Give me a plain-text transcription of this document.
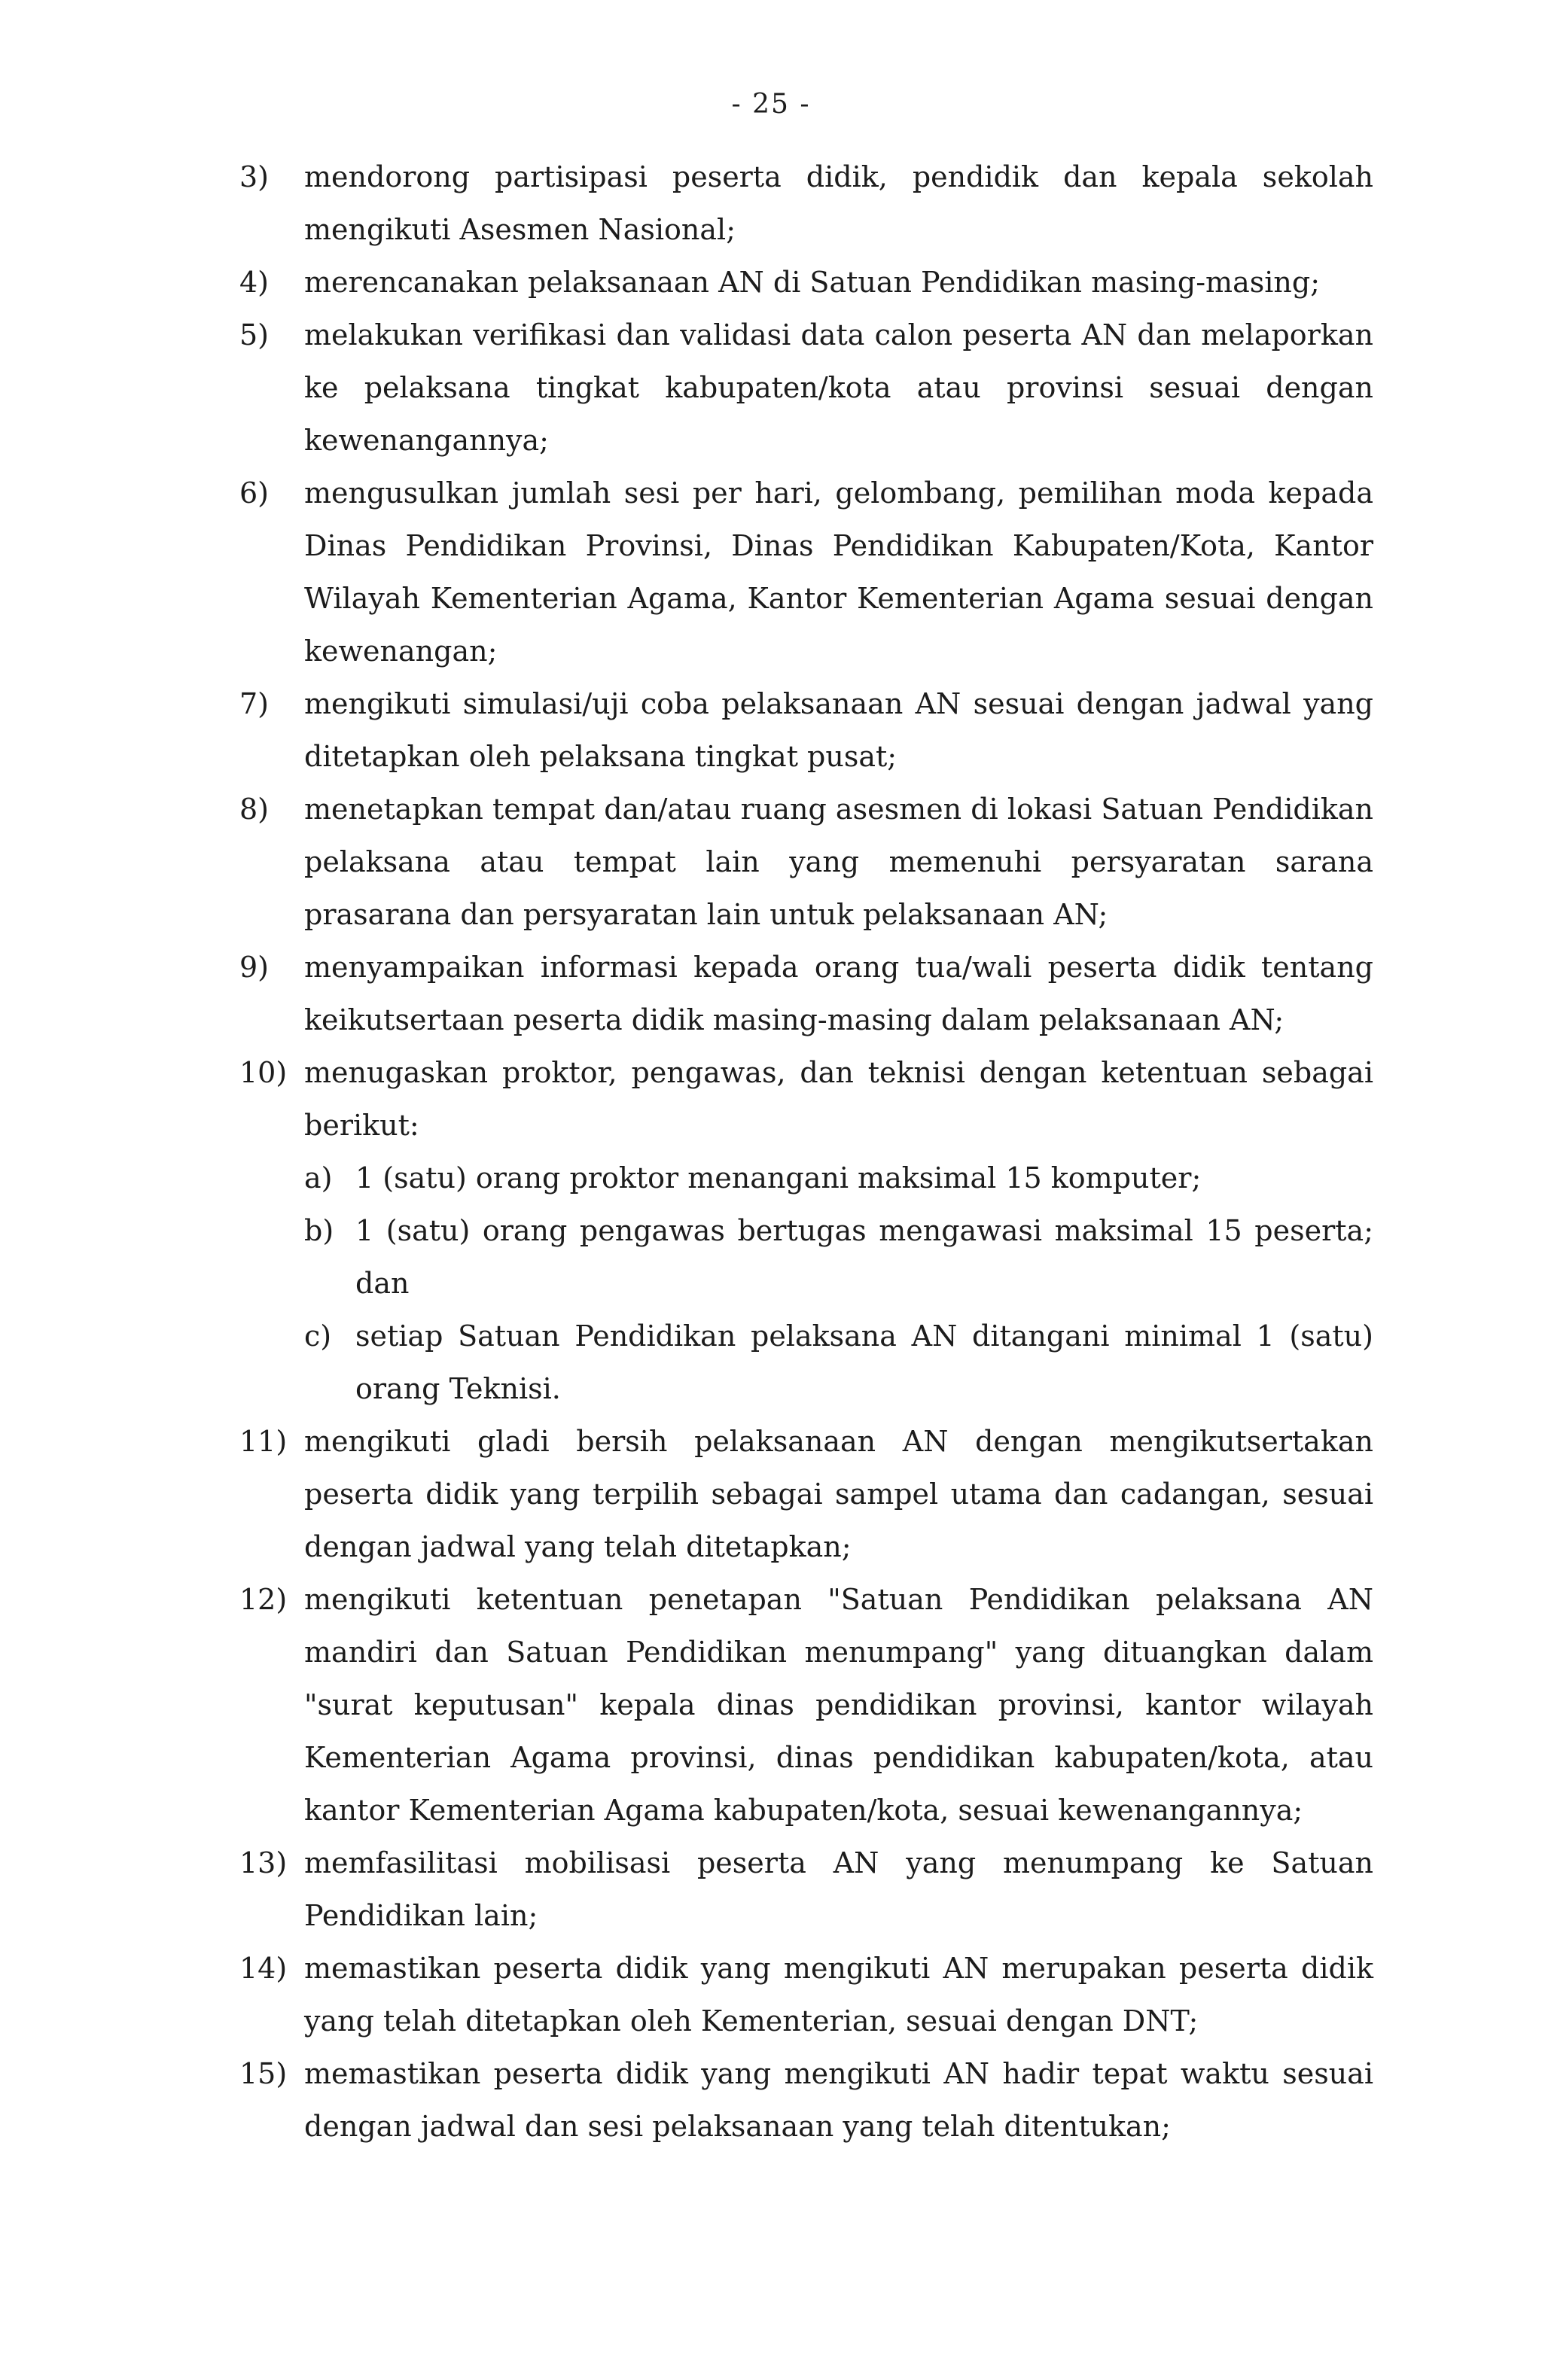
- 25 -
3) mendorong partisipasi peserta didik, pendidik dan kepala sekolah mengikuti Asesmen Nasional;
4) merencanakan pelaksanaan AN di Satuan Pendidikan masing-masing;
5) melakukan verifikasi dan validasi data calon peserta AN dan melaporkan ke pelaksana tingkat kabupaten/kota atau provinsi sesuai dengan kewenangannya;
6) mengusulkan jumlah sesi per hari, gelombang, pemilihan moda kepada Dinas Pendidikan Provinsi, Dinas Pendidikan Kabupaten/Kota, Kantor Wilayah Kementerian Agama, Kantor Kementerian Agama sesuai dengan kewenangan;
7) mengikuti simulasi/uji coba pelaksanaan AN sesuai dengan jadwal yang ditetapkan oleh pelaksana tingkat pusat;
8) menetapkan tempat dan/atau ruang asesmen di lokasi Satuan Pendidikan pelaksana atau tempat lain yang memenuhi persyaratan sarana prasarana dan persyaratan lain untuk pelaksanaan AN;
9) menyampaikan informasi kepada orang tua/wali peserta didik tentang keikutsertaan peserta didik masing-masing dalam pelaksanaan AN;
10) menugaskan proktor, pengawas, dan teknisi dengan ketentuan sebagai berikut:
a) 1 (satu) orang proktor menangani maksimal 15 komputer;
b) 1 (satu) orang pengawas bertugas mengawasi maksimal 15 peserta; dan
c) setiap Satuan Pendidikan pelaksana AN ditangani minimal 1 (satu) orang Teknisi.
11) mengikuti gladi bersih pelaksanaan AN dengan mengikutsertakan peserta didik yang terpilih sebagai sampel utama dan cadangan, sesuai dengan jadwal yang telah ditetapkan;
12) mengikuti ketentuan penetapan "Satuan Pendidikan pelaksana AN mandiri dan Satuan Pendidikan menumpang" yang dituangkan dalam "surat keputusan" kepala dinas pendidikan provinsi, kantor wilayah Kementerian Agama provinsi, dinas pendidikan kabupaten/kota, atau kantor Kementerian Agama kabupaten/kota, sesuai kewenangannya;
13) memfasilitasi mobilisasi peserta AN yang menumpang ke Satuan Pendidikan lain;
14) memastikan peserta didik yang mengikuti AN merupakan peserta didik yang telah ditetapkan oleh Kementerian, sesuai dengan DNT;
15) memastikan peserta didik yang mengikuti AN hadir tepat waktu sesuai dengan jadwal dan sesi pelaksanaan yang telah ditentukan;
